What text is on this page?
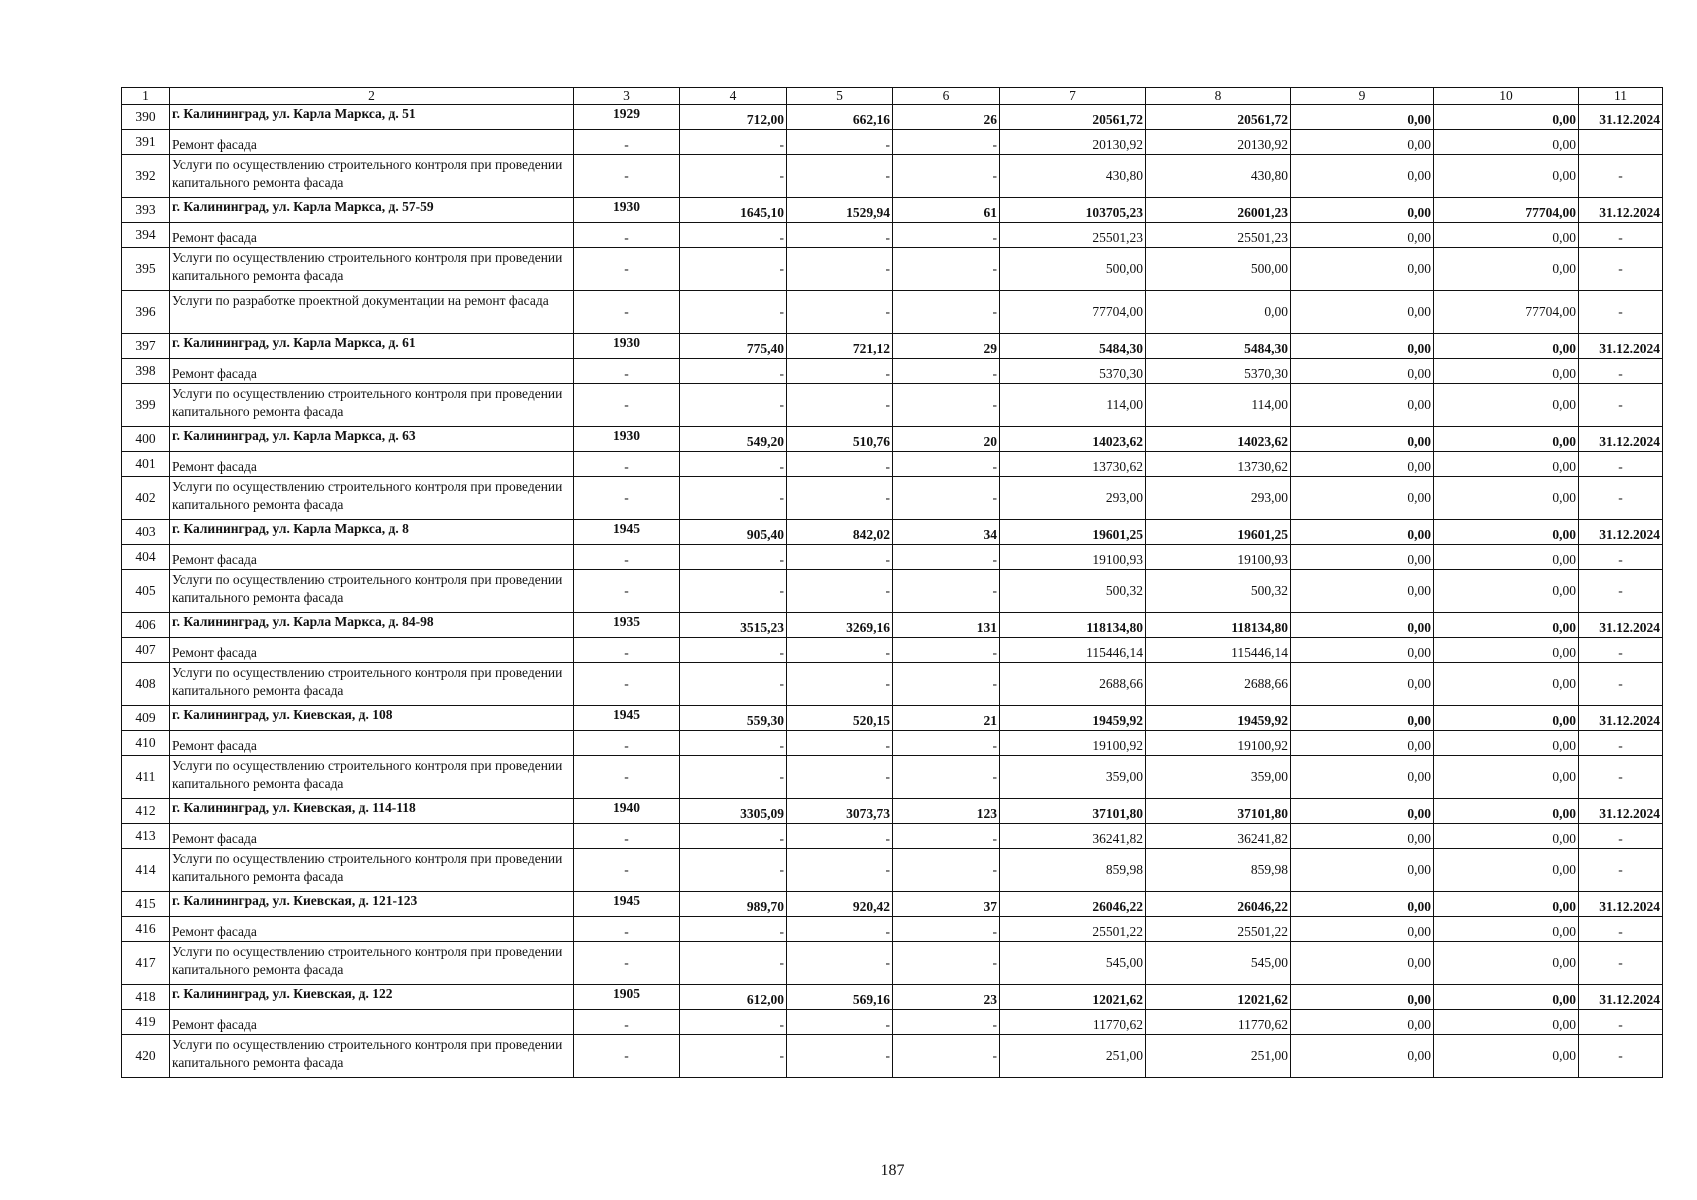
1	2	3	4	5	6	7	8	9	10	11
390	г. Калининград, ул. Карла Маркса, д. 51	1929	712,00	662,16	26	20561,72	20561,72	0,00	0,00	31.12.2024
391	Ремонт фасада	-	-	-	-	20130,92	20130,92	0,00	0,00	
392	Услуги по осуществлению строительного контроля при проведении капитального ремонта фасада	-	-	-	-	430,80	430,80	0,00	0,00	-
393	г. Калининград, ул. Карла Маркса, д. 57-59	1930	1645,10	1529,94	61	103705,23	26001,23	0,00	77704,00	31.12.2024
394	Ремонт фасада	-	-	-	-	25501,23	25501,23	0,00	0,00	-
395	Услуги по осуществлению строительного контроля при проведении капитального ремонта фасада	-	-	-	-	500,00	500,00	0,00	0,00	-
396	Услуги по разработке проектной документации на ремонт фасада	-	-	-	-	77704,00	0,00	0,00	77704,00	-
397	г. Калининград, ул. Карла Маркса, д. 61	1930	775,40	721,12	29	5484,30	5484,30	0,00	0,00	31.12.2024
398	Ремонт фасада	-	-	-	-	5370,30	5370,30	0,00	0,00	-
399	Услуги по осуществлению строительного контроля при проведении капитального ремонта фасада	-	-	-	-	114,00	114,00	0,00	0,00	-
400	г. Калининград, ул. Карла Маркса, д. 63	1930	549,20	510,76	20	14023,62	14023,62	0,00	0,00	31.12.2024
401	Ремонт фасада	-	-	-	-	13730,62	13730,62	0,00	0,00	-
402	Услуги по осуществлению строительного контроля при проведении капитального ремонта фасада	-	-	-	-	293,00	293,00	0,00	0,00	-
403	г. Калининград, ул. Карла Маркса, д. 8	1945	905,40	842,02	34	19601,25	19601,25	0,00	0,00	31.12.2024
404	Ремонт фасада	-	-	-	-	19100,93	19100,93	0,00	0,00	-
405	Услуги по осуществлению строительного контроля при проведении капитального ремонта фасада	-	-	-	-	500,32	500,32	0,00	0,00	-
406	г. Калининград, ул. Карла Маркса, д. 84-98	1935	3515,23	3269,16	131	118134,80	118134,80	0,00	0,00	31.12.2024
407	Ремонт фасада	-	-	-	-	115446,14	115446,14	0,00	0,00	-
408	Услуги по осуществлению строительного контроля при проведении капитального ремонта фасада	-	-	-	-	2688,66	2688,66	0,00	0,00	-
409	г. Калининград, ул. Киевская, д. 108	1945	559,30	520,15	21	19459,92	19459,92	0,00	0,00	31.12.2024
410	Ремонт фасада	-	-	-	-	19100,92	19100,92	0,00	0,00	-
411	Услуги по осуществлению строительного контроля при проведении капитального ремонта фасада	-	-	-	-	359,00	359,00	0,00	0,00	-
412	г. Калининград, ул. Киевская, д. 114-118	1940	3305,09	3073,73	123	37101,80	37101,80	0,00	0,00	31.12.2024
413	Ремонт фасада	-	-	-	-	36241,82	36241,82	0,00	0,00	-
414	Услуги по осуществлению строительного контроля при проведении капитального ремонта фасада	-	-	-	-	859,98	859,98	0,00	0,00	-
415	г. Калининград, ул. Киевская, д. 121-123	1945	989,70	920,42	37	26046,22	26046,22	0,00	0,00	31.12.2024
416	Ремонт фасада	-	-	-	-	25501,22	25501,22	0,00	0,00	-
417	Услуги по осуществлению строительного контроля при проведении капитального ремонта фасада	-	-	-	-	545,00	545,00	0,00	0,00	-
418	г. Калининград, ул. Киевская, д. 122	1905	612,00	569,16	23	12021,62	12021,62	0,00	0,00	31.12.2024
419	Ремонт фасада	-	-	-	-	11770,62	11770,62	0,00	0,00	-
420	Услуги по осуществлению строительного контроля при проведении капитального ремонта фасада	-	-	-	-	251,00	251,00	0,00	0,00	-
187
